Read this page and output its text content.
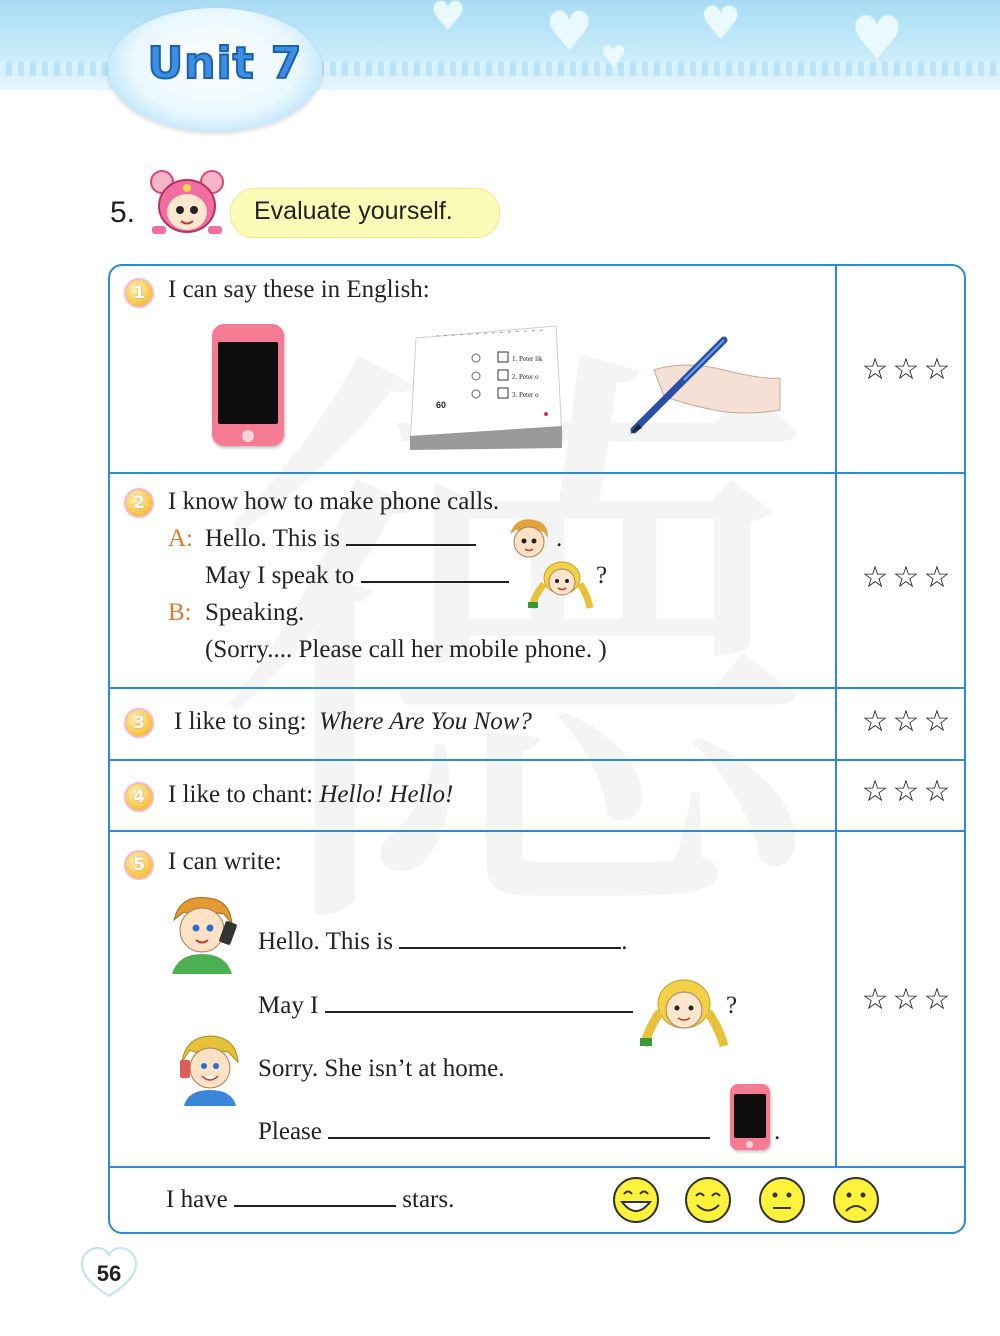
♥ ♥ ♥ ♥
♥
Unit 7
5.	Evaluate yourself.
1 I can say these in English:
60
1. Peter lik
2. Peter o
3. Peter o
☆☆☆
2 I know how to make phone calls.
A: Hello. This is	.
May I speak to	?
B: Speaking.
(Sorry.... Please call her mobile phone. )
☆☆☆
3	I like to sing: Where Are You Now?	☆☆☆
4 I like to chant: Hello! Hello!	☆☆☆
5 I can write:
Hello. This is	.
May I	?
Sorry. She isn’t at home.
Please	.
☆☆☆
I have	stars.
56
